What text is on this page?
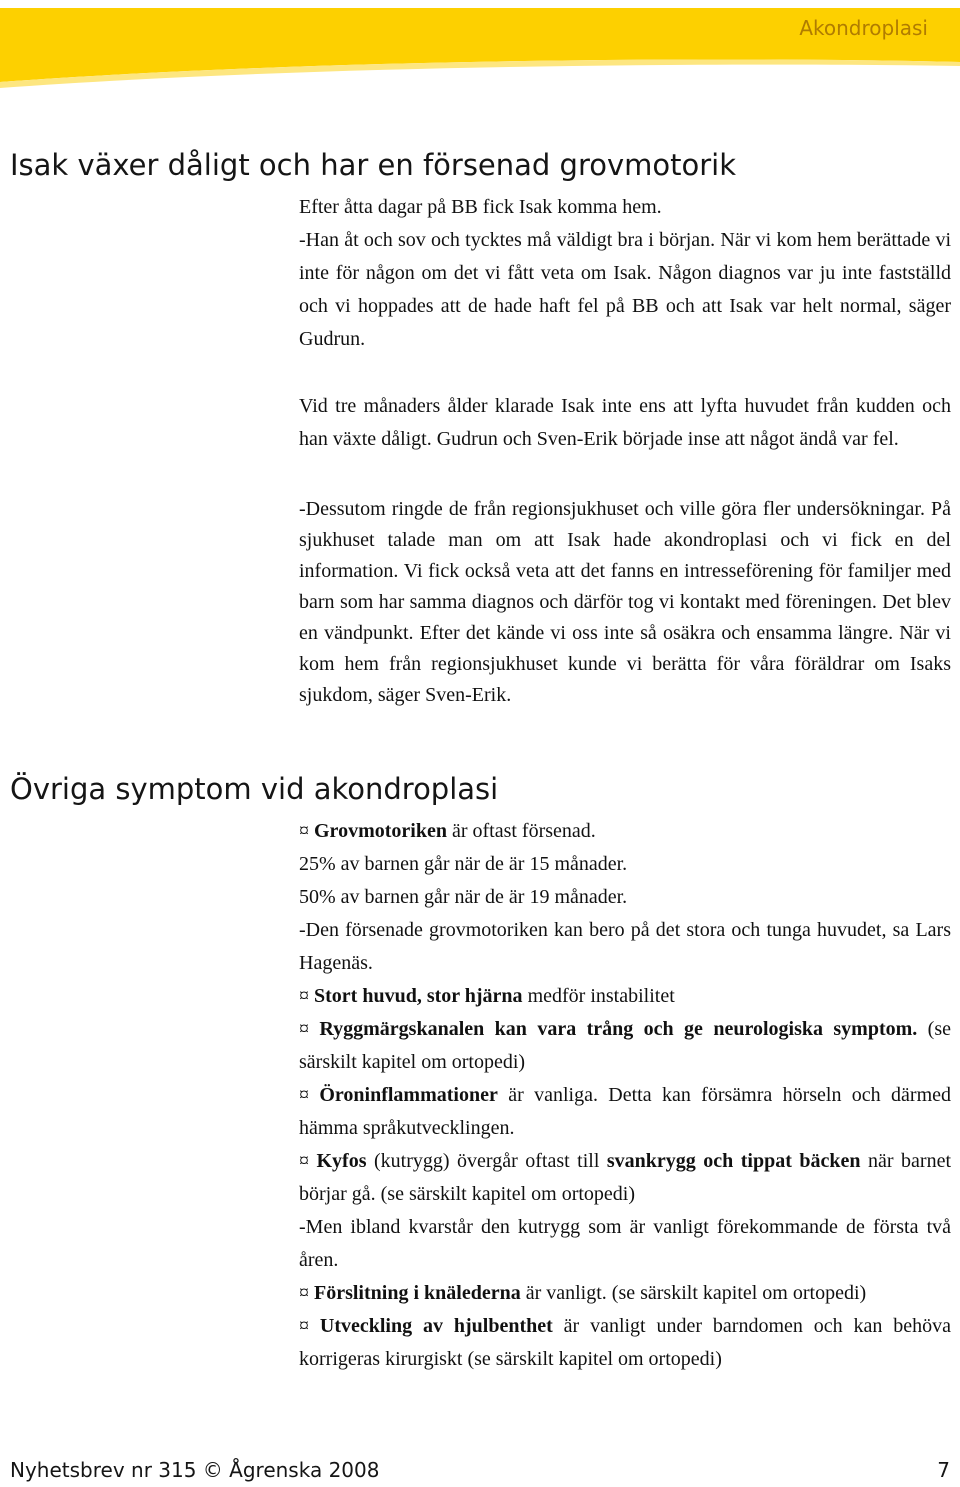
Akondroplasi
Isak växer dåligt och har en försenad grovmotorik

Efter åtta dagar på BB fick Isak komma hem.

-Han åt och sov och tycktes må väldigt bra i början. När vi kom hem berättade vi inte för någon om det vi fått veta om Isak. Någon diagnos var ju inte fastställd och vi hoppades att de hade haft fel på BB och att Isak var helt normal, säger Gudrun.

Vid tre månaders ålder klarade Isak inte ens att lyfta huvudet från kudden och han växte dåligt. Gudrun och Sven-Erik började inse att något ändå var fel.

-Dessutom ringde de från regionsjukhuset och ville göra fler undersökningar. På sjukhuset talade man om att Isak hade akondroplasi och vi fick en del information. Vi fick också veta att det fanns en intresseförening för familjer med barn som har samma diagnos och därför tog vi kontakt med föreningen. Det blev en vändpunkt. Efter det kände vi oss inte så osäkra och ensamma längre. När vi kom hem från regionsjukhuset kunde vi berätta för våra föräldrar om Isaks sjukdom, säger Sven-Erik.

Övriga symptom vid akondroplasi

¤ Grovmotoriken är oftast försenad.

25% av barnen går när de är 15 månader.

50% av barnen går när de är 19 månader.

-Den försenade grovmotoriken kan bero på det stora och tunga huvudet, sa Lars Hagenäs.

¤ Stort huvud, stor hjärna medför instabilitet

¤ Ryggmärgskanalen kan vara trång och ge neurologiska symptom. (se särskilt kapitel om ortopedi)

¤ Öroninflammationer är vanliga. Detta kan försämra hörseln och därmed hämma språkutvecklingen.

¤ Kyfos (kutrygg) övergår oftast till svankrygg och tippat bäcken när barnet börjar gå. (se särskilt kapitel om ortopedi)

-Men ibland kvarstår den kutrygg som är vanligt förekommande de första två åren.

¤ Förslitning i knälederna är vanligt. (se särskilt kapitel om ortopedi)

¤ Utveckling av hjulbenthet är vanligt under barndomen och kan behöva korrigeras kirurgiskt (se särskilt kapitel om ortopedi)

Nyhetsbrev nr 315 © Ågrenska 2008	7
